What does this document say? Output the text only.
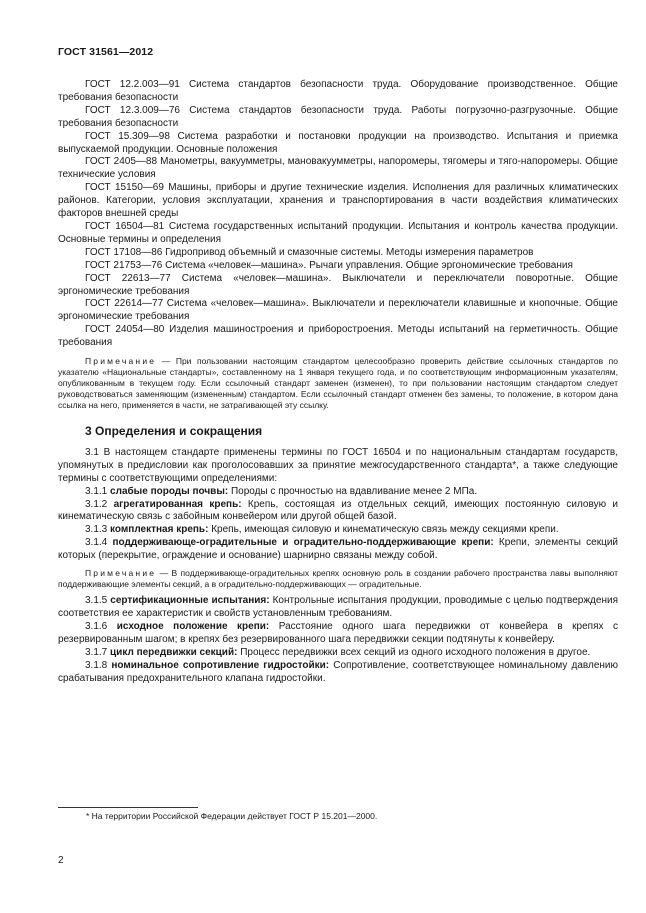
ГОСТ 31561—2012

ГОСТ 12.2.003—91 Система стандартов безопасности труда. Оборудование производственное. Общие требования безопасности

ГОСТ 12.3.009—76 Система стандартов безопасности труда. Работы погрузочно-разгрузочные. Общие требования безопасности

ГОСТ 15.309—98 Система разработки и постановки продукции на производство. Испытания и приемка выпускаемой продукции. Основные положения

ГОСТ 2405—88 Манометры, вакуумметры, мановакуумметры, напоромеры, тягомеры и тяго-напоромеры. Общие технические условия

ГОСТ 15150—69 Машины, приборы и другие технические изделия. Исполнения для различных климатических районов. Категории, условия эксплуатации, хранения и транспортирования в части воздействия климатических факторов внешней среды

ГОСТ 16504—81 Система государственных испытаний продукции. Испытания и контроль качества продукции. Основные термины и определения

ГОСТ 17108—86 Гидропривод объемный и смазочные системы. Методы измерения параметров

ГОСТ 21753—76 Система «человек—машина». Рычаги управления. Общие эргономические требования

ГОСТ 22613—77 Система «человек—машина». Выключатели и переключатели поворотные. Общие эргономические требования

ГОСТ 22614—77 Система «человек—машина». Выключатели и переключатели клавишные и кнопочные. Общие эргономические требования

ГОСТ 24054—80 Изделия машиностроения и приборостроения. Методы испытаний на герметичность. Общие требования

Примечание — При пользовании настоящим стандартом целесообразно проверить действие ссылочных стандартов по указателю «Национальные стандарты», составленному на 1 января текущего года, и по соответствующим информационным указателям, опубликованным в текущем году. Если ссылочный стандарт заменен (изменен), то при пользовании настоящим стандартом следует руководствоваться заменяющим (измененным) стандартом. Если ссылочный стандарт отменен без замены, то положение, в котором дана ссылка на него, применяется в части, не затрагивающей эту ссылку.

3 Определения и сокращения

3.1 В настоящем стандарте применены термины по ГОСТ 16504 и по национальным стандартам государств, упомянутых в предисловии как проголосовавших за принятие межгосударственного стандарта*, а также следующие термины с соответствующими определениями:

3.1.1 слабые породы почвы: Породы с прочностью на вдавливание менее 2 МПа.

3.1.2 агрегатированная крепь: Крепь, состоящая из отдельных секций, имеющих постоянную силовую и кинематическую связь с забойным конвейером или другой общей базой.

3.1.3 комплектная крепь: Крепь, имеющая силовую и кинематическую связь между секциями крепи.

3.1.4 поддерживающе-оградительные и оградительно-поддерживающие крепи: Крепи, элементы секций которых (перекрытие, ограждение и основание) шарнирно связаны между собой.

Примечание — В поддерживающе-оградительных крепях основную роль в создании рабочего пространства лавы выполняют поддерживающие элементы секций, а в оградительно-поддерживающих — оградительные.

3.1.5 сертификационные испытания: Контрольные испытания продукции, проводимые с целью подтверждения соответствия ее характеристик и свойств установленным требованиям.

3.1.6 исходное положение крепи: Расстояние одного шага передвижки от конвейера в крепях с резервированным шагом; в крепях без резервированного шага передвижки секции подтянуты к конвейеру.

3.1.7 цикл передвижки секций: Процесс передвижки всех секций из одного исходного положения в другое.

3.1.8 номинальное сопротивление гидростойки: Сопротивление, соответствующее номинальному давлению срабатывания предохранительного клапана гидростойки.

* На территории Российской Федерации действует ГОСТ Р 15.201—2000.
2
